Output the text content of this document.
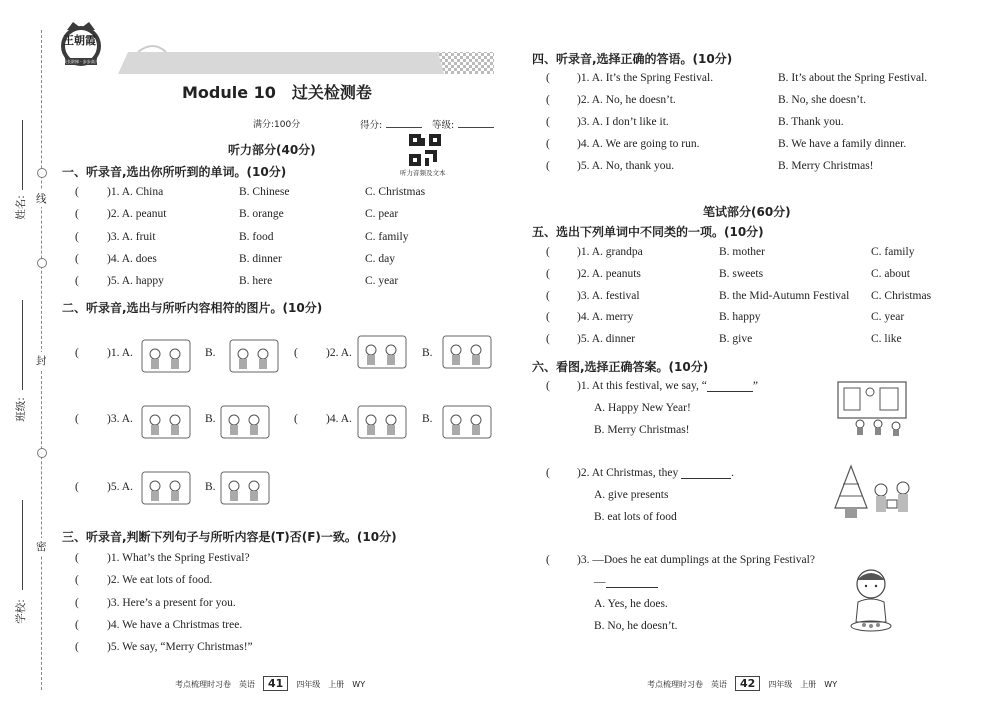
线
封
密
姓名:
班级:
学校:
王朝霞
成长阶梯 · 步步高升
Module 10　过关检测卷
满分:100分	得分:	等级:
听力部分(40分)
听力音频及文本
一、听录音,选出你所听到的单词。(10分)
二、听录音,选出与所听内容相符的图片。(10分)
三、听录音,判断下列句子与所听内容是(T)否(F)一致。(10分)
四、听录音,选择正确的答语。(10分)
笔试部分(60分)
五、选出下列单词中不同类的一项。(10分)
六、看图,选择正确答案。(10分)
( )1. At this festival, we say, “	”
A. Happy New Year!
B. Merry Christmas!
( )2. At Christmas, they	.
A. give presents
B. eat lots of food
( )3. —Does he eat dumplings at the Spring Festival?
—
A. Yes, he does.
B. No, he doesn’t.
考点梳理时习卷　英语　 41　 四年级　上册　WY	考点梳理时习卷　英语　 42　 四年级　上册　WY
( )1. A. China	B. Chinese	C. Christmas
( )2. A. peanut	B. orange	C. pear
( )3. A. fruit	B. food	C. family
( )4. A. does	B. dinner	C. day
( )5. A. happy	B. here	C. year
( )1. A.	B.	( )2. A.	B.
( )3. A.	B.	( )4. A.	B.
( )5. A.	B.
( )1. What’s the Spring Festival?
( )2. We eat lots of food.
( )3. Here’s a present for you.
( )4. We have a Christmas tree.
( )5. We say, “Merry Christmas!”
( )1. A. It’s the Spring Festival.	B. It’s about the Spring Festival.
( )2. A. No, he doesn’t.	B. No, she doesn’t.
( )3. A. I don’t like it.	B. Thank you.
( )4. A. We are going to run.	B. We have a family dinner.
( )5. A. No, thank you.	B. Merry Christmas!
( )1. A. grandpa	B. mother	C. family
( )2. A. peanuts	B. sweets	C. about
( )3. A. festival	B. the Mid-Autumn Festival C. Christmas
( )4. A. merry	B. happy	C. year
( )5. A. dinner	B. give	C. like
